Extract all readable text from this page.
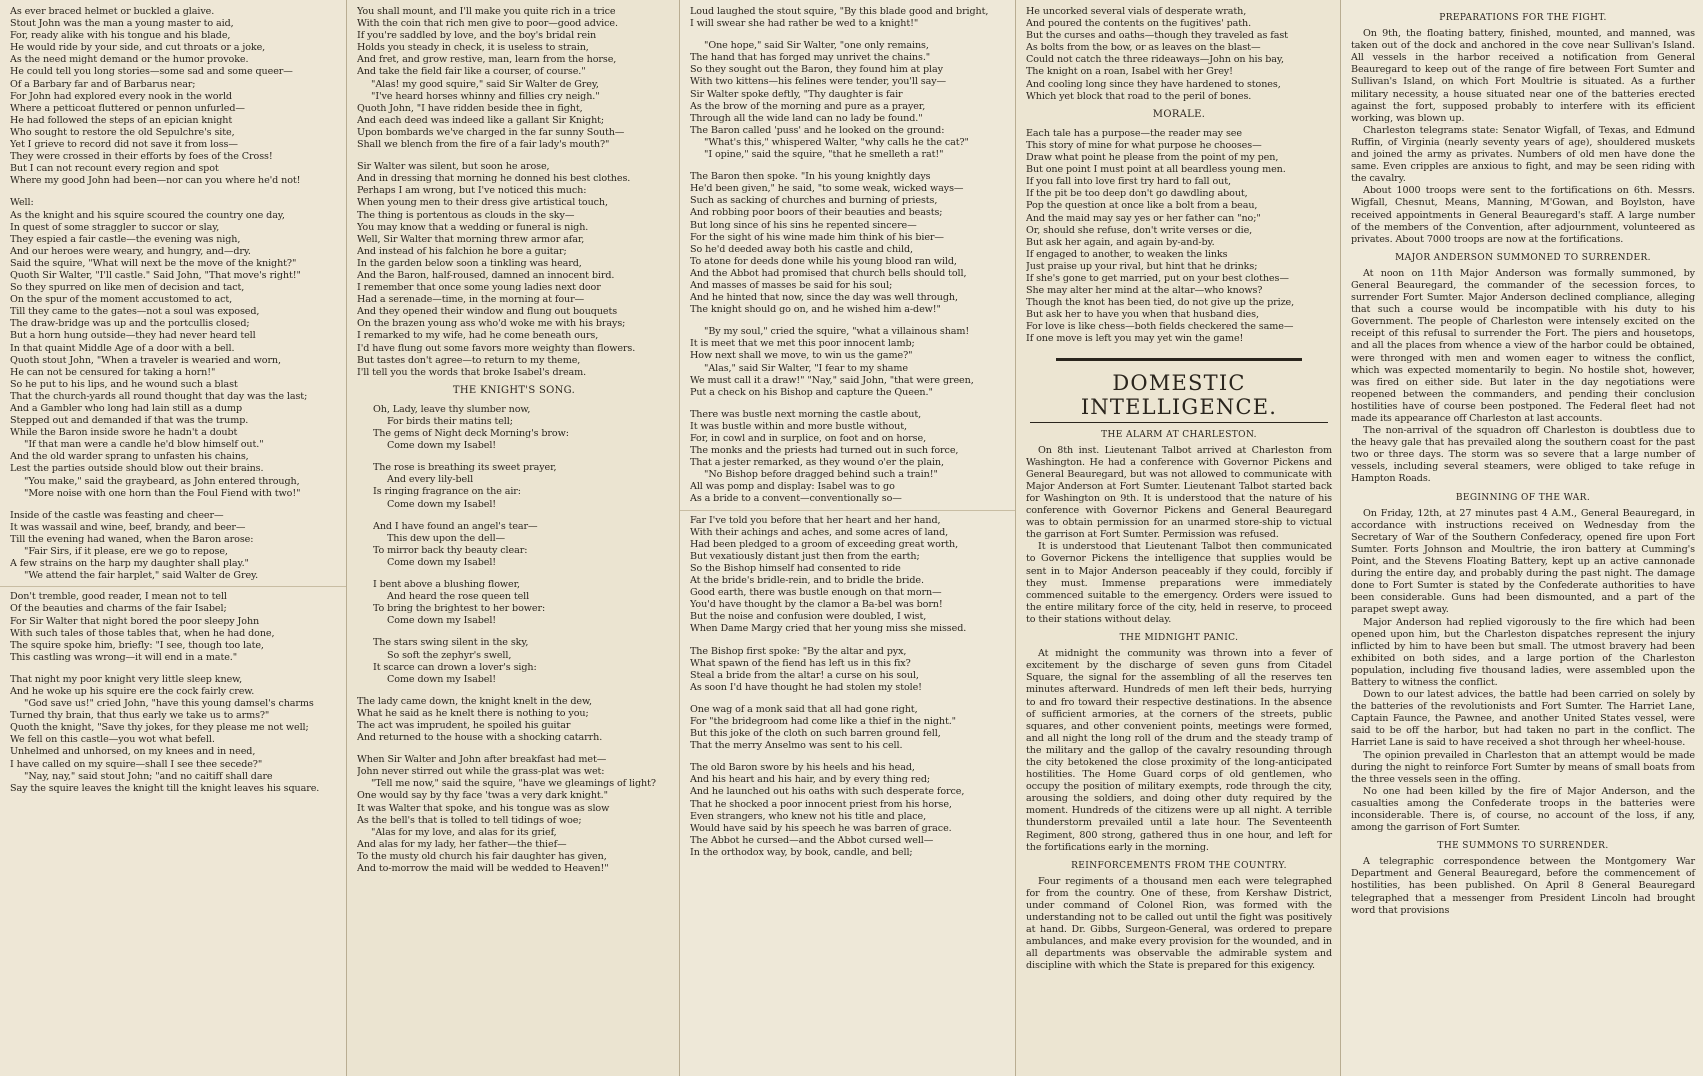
As ever braced helmet or buckled a glaive.
Stout John was the man a young master to aid,
For, ready alike with his tongue and his blade,
He would ride by your side, and cut throats or a joke,
As the need might demand or the humor provoke.
He could tell you long stories—some sad and some queer—
Of a Barbary far and of Barbarus near;
For John had explored every nook in the world
Where a petticoat fluttered or pennon unfurled—
He had followed the steps of an epician knight
Who sought to restore the old Sepulchre's site,
Yet I grieve to record did not save it from loss—
They were crossed in their efforts by foes of the Cross!
But I can not recount every region and spot
Where my good John had been—nor can you where he'd not!
Well:
As the knight and his squire scoured the country one day,
In quest of some straggler to succor or slay,
They espied a fair castle—the evening was nigh,
And our heroes were weary, and hungry, and—dry.
Said the squire, "What will next be the move of the knight?"
Quoth Sir Walter, "I'll castle." Said John, "That move's right!"
So they spurred on like men of decision and tact,
On the spur of the moment accustomed to act,
Till they came to the gates—not a soul was exposed,
The draw-bridge was up and the portcullis closed;
But a horn hung outside—they had never heard tell
In that quaint Middle Age of a door with a bell.
Quoth stout John, "When a traveler is wearied and worn,
He can not be censured for taking a horn!"
So he put to his lips, and he wound such a blast
That the church-yards all round thought that day was the last;
And a Gambler who long had lain still as a dump
Stepped out and demanded if that was the trump.
While the Baron inside swore he hadn't a doubt
"If that man were a candle he'd blow himself out."
And the old warder sprang to unfasten his chains,
Lest the parties outside should blow out their brains.
"You make," said the graybeard, as John entered through,
"More noise with one horn than the Foul Fiend with two!"
Inside of the castle was feasting and cheer—
It was wassail and wine, beef, brandy, and beer—
Till the evening had waned, when the Baron arose:
"Fair Sirs, if it please, ere we go to repose,
A few strains on the harp my daughter shall play."
"We attend the fair harplet," said Walter de Grey.
Don't tremble, good reader, I mean not to tell
Of the beauties and charms of the fair Isabel;
For Sir Walter that night bored the poor sleepy John
With such tales of those tables that, when he had done,
The squire spoke him, briefly: "I see, though too late,
This castling was wrong—it will end in a mate."
That night my poor knight very little sleep knew,
And he woke up his squire ere the cock fairly crew.
"God save us!" cried John, "have this young damsel's charms
Turned thy brain, that thus early we take us to arms?"
Quoth the knight, "Save thy jokes, for they please me not well;
We fell on this castle—you wot what befell.
Unhelmed and unhorsed, on my knees and in need,
I have called on my squire—shall I see thee secede?"
"Nay, nay," said stout John; "and no caitiff shall dare
Say the squire leaves the knight till the knight leaves his square.
You shall mount, and I'll make you quite rich in a trice
With the coin that rich men give to poor—good advice.
If you're saddled by love, and the boy's bridal rein
Holds you steady in check, it is useless to strain,
And fret, and grow restive, man, learn from the horse,
And take the field fair like a courser, of course."
"Alas! my good squire," said Sir Walter de Grey,
"I've heard horses whinny and fillies cry neigh."
Quoth John, "I have ridden beside thee in fight,
And each deed was indeed like a gallant Sir Knight;
Upon bombards we've charged in the far sunny South—
Shall we blench from the fire of a fair lady's mouth?"
Sir Walter was silent, but soon he arose,
And in dressing that morning he donned his best clothes.
Perhaps I am wrong, but I've noticed this much:
When young men to their dress give artistical touch,
The thing is portentous as clouds in the sky—
You may know that a wedding or funeral is nigh.
Well, Sir Walter that morning threw armor afar,
And instead of his falchion he bore a guitar;
In the garden below soon a tinkling was heard,
And the Baron, half-roused, damned an innocent bird.
I remember that once some young ladies next door
Had a serenade—time, in the morning at four—
And they opened their window and flung out bouquets
On the brazen young ass who'd woke me with his brays;
I remarked to my wife, had he come beneath ours,
I'd have flung out some favors more weighty than flowers.
But tastes don't agree—to return to my theme,
I'll tell you the words that broke Isabel's dream.
THE KNIGHT'S SONG.
Oh, Lady, leave thy slumber now,
For birds their matins tell;
The gems of Night deck Morning's brow:
Come down my Isabel!
The rose is breathing its sweet prayer,
And every lily-bell
Is ringing fragrance on the air:
Come down my Isabel!
And I have found an angel's tear—
This dew upon the dell—
To mirror back thy beauty clear:
Come down my Isabel!
I bent above a blushing flower,
And heard the rose queen tell
To bring the brightest to her bower:
Come down my Isabel!
The stars swing silent in the sky,
So soft the zephyr's swell,
It scarce can drown a lover's sigh:
Come down my Isabel!
The lady came down, the knight knelt in the dew,
What he said as he knelt there is nothing to you;
The act was imprudent, he spoiled his guitar
And returned to the house with a shocking catarrh.
When Sir Walter and John after breakfast had met—
John never stirred out while the grass-plat was wet:
"Tell me now," said the squire, "have we gleamings of light?
One would say by thy face 'twas a very dark knight."
It was Walter that spoke, and his tongue was as slow
As the bell's that is tolled to tell tidings of woe;
"Alas for my love, and alas for its grief,
And alas for my lady, her father—the thief—
To the musty old church his fair daughter has given,
And to-morrow the maid will be wedded to Heaven!"
Loud laughed the stout squire, "By this blade good and bright,
I will swear she had rather be wed to a knight!"
"One hope," said Sir Walter, "one only remains,
The hand that has forged may unrivet the chains."
So they sought out the Baron, they found him at play
With two kittens—his felines were tender, you'll say—
Sir Walter spoke deftly, "Thy daughter is fair
As the brow of the morning and pure as a prayer,
Through all the wide land can no lady be found."
The Baron called 'puss' and he looked on the ground:
"What's this," whispered Walter, "why calls he the cat?"
"I opine," said the squire, "that he smelleth a rat!"
The Baron then spoke. "In his young knightly days
He'd been given," he said, "to some weak, wicked ways—
Such as sacking of churches and burning of priests,
And robbing poor boors of their beauties and beasts;
But long since of his sins he repented sincere—
For the sight of his wine made him think of his bier—
So he'd deeded away both his castle and child,
To atone for deeds done while his young blood ran wild,
And the Abbot had promised that church bells should toll,
And masses of masses be said for his soul;
And he hinted that now, since the day was well through,
The knight should go on, and he wished him a-dew!"
"By my soul," cried the squire, "what a villainous sham!
It is meet that we met this poor innocent lamb;
How next shall we move, to win us the game?"
"Alas," said Sir Walter, "I fear to my shame
We must call it a draw!" "Nay," said John, "that were green,
Put a check on his Bishop and capture the Queen."
There was bustle next morning the castle about,
It was bustle within and more bustle without,
For, in cowl and in surplice, on foot and on horse,
The monks and the priests had turned out in such force,
That a jester remarked, as they wound o'er the plain,
"No Bishop before dragged behind such a train!"
All was pomp and display: Isabel was to go
As a bride to a convent—conventionally so—
Far I've told you before that her heart and her hand,
With their achings and aches, and some acres of land,
Had been pledged to a groom of exceeding great worth,
But vexatiously distant just then from the earth;
So the Bishop himself had consented to ride
At the bride's bridle-rein, and to bridle the bride.
Good earth, there was bustle enough on that morn—
You'd have thought by the clamor a Ba-bel was born!
But the noise and confusion were doubled, I wist,
When Dame Margy cried that her young miss she missed.
The Bishop first spoke: "By the altar and pyx,
What spawn of the fiend has left us in this fix?
Steal a bride from the altar! a curse on his soul,
As soon I'd have thought he had stolen my stole!
One wag of a monk said that all had gone right,
For "the bridegroom had come like a thief in the night."
But this joke of the cloth on such barren ground fell,
That the merry Anselmo was sent to his cell.
The old Baron swore by his heels and his head,
And his heart and his hair, and by every thing red;
And he launched out his oaths with such desperate force,
That he shocked a poor innocent priest from his horse,
Even strangers, who knew not his title and place,
Would have said by his speech he was barren of grace.
The Abbot he cursed—and the Abbot cursed well—
In the orthodox way, by book, candle, and bell;
He uncorked several vials of desperate wrath,
And poured the contents on the fugitives' path.
But the curses and oaths—though they traveled as fast
As bolts from the bow, or as leaves on the blast—
Could not catch the three rideaways—John on his bay,
The knight on a roan, Isabel with her Grey!
And cooling long since they have hardened to stones,
Which yet block that road to the peril of bones.
MORALE.
Each tale has a purpose—the reader may see
This story of mine for what purpose he chooses—
Draw what point he please from the point of my pen,
But one point I must point at all beardless young men.
If you fall into love first try hard to fall out,
If the pit be too deep don't go dawdling about,
Pop the question at once like a bolt from a beau,
And the maid may say yes or her father can "no;"
Or, should she refuse, don't write verses or die,
But ask her again, and again by-and-by.
If engaged to another, to weaken the links
Just praise up your rival, but hint that he drinks;
If she's gone to get married, put on your best clothes—
She may alter her mind at the altar—who knows?
Though the knot has been tied, do not give up the prize,
But ask her to have you when that husband dies,
For love is like chess—both fields checkered the same—
If one move is left you may yet win the game!
DOMESTIC INTELLIGENCE.
THE ALARM AT CHARLESTON.
On 8th inst. Lieutenant Talbot arrived at Charleston from Washington. He had a conference with Governor Pickens and General Beauregard, but was not allowed to communicate with Major Anderson at Fort Sumter. Lieutenant Talbot started back for Washington on 9th. It is understood that the nature of his conference with Governor Pickens and General Beauregard was to obtain permission for an unarmed store-ship to victual the garrison at Fort Sumter. Permission was refused.
It is understood that Lieutenant Talbot then communicated to Governor Pickens the intelligence that supplies would be sent in to Major Anderson peaceably if they could, forcibly if they must. Immense preparations were immediately commenced suitable to the emergency. Orders were issued to the entire military force of the city, held in reserve, to proceed to their stations without delay.
THE MIDNIGHT PANIC.
At midnight the community was thrown into a fever of excitement by the discharge of seven guns from Citadel Square, the signal for the assembling of all the reserves ten minutes afterward. Hundreds of men left their beds, hurrying to and fro toward their respective destinations. In the absence of sufficient armories, at the corners of the streets, public squares, and other convenient points, meetings were formed, and all night the long roll of the drum and the steady tramp of the military and the gallop of the cavalry resounding through the city betokened the close proximity of the long-anticipated hostilities. The Home Guard corps of old gentlemen, who occupy the position of military exempts, rode through the city, arousing the soldiers, and doing other duty required by the moment. Hundreds of the citizens were up all night. A terrible thunderstorm prevailed until a late hour. The Seventeenth Regiment, 800 strong, gathered thus in one hour, and left for the fortifications early in the morning.
REINFORCEMENTS FROM THE COUNTRY.
Four regiments of a thousand men each were telegraphed for from the country. One of these, from Kershaw District, under command of Colonel Rion, was formed with the understanding not to be called out until the fight was positively at hand. Dr. Gibbs, Surgeon-General, was ordered to prepare ambulances, and make every provision for the wounded, and in all departments was observable the admirable system and discipline with which the State is prepared for this exigency.
PREPARATIONS FOR THE FIGHT.
On 9th, the floating battery, finished, mounted, and manned, was taken out of the dock and anchored in the cove near Sullivan's Island. All vessels in the harbor received a notification from General Beauregard to keep out of the range of fire between Fort Sumter and Sullivan's Island, on which Fort Moultrie is situated. As a further military necessity, a house situated near one of the batteries erected against the fort, supposed probably to interfere with its efficient working, was blown up.
Charleston telegrams state: Senator Wigfall, of Texas, and Edmund Ruffin, of Virginia (nearly seventy years of age), shouldered muskets and joined the army as privates. Numbers of old men have done the same. Even cripples are anxious to fight, and may be seen riding with the cavalry.
About 1000 troops were sent to the fortifications on 6th. Messrs. Wigfall, Chesnut, Means, Manning, M'Gowan, and Boylston, have received appointments in General Beauregard's staff. A large number of the members of the Convention, after adjournment, volunteered as privates. About 7000 troops are now at the fortifications.
MAJOR ANDERSON SUMMONED TO SURRENDER.
At noon on 11th Major Anderson was formally summoned, by General Beauregard, the commander of the secession forces, to surrender Fort Sumter. Major Anderson declined compliance, alleging that such a course would be incompatible with his duty to his Government. The people of Charleston were intensely excited on the receipt of this refusal to surrender the Fort. The piers and housetops, and all the places from whence a view of the harbor could be obtained, were thronged with men and women eager to witness the conflict, which was expected momentarily to begin. No hostile shot, however, was fired on either side. But later in the day negotiations were reopened between the commanders, and pending their conclusion hostilities have of course been postponed. The Federal fleet had not made its appearance off Charleston at last accounts.
The non-arrival of the squadron off Charleston is doubtless due to the heavy gale that has prevailed along the southern coast for the past two or three days. The storm was so severe that a large number of vessels, including several steamers, were obliged to take refuge in Hampton Roads.
BEGINNING OF THE WAR.
On Friday, 12th, at 27 minutes past 4 A.M., General Beauregard, in accordance with instructions received on Wednesday from the Secretary of War of the Southern Confederacy, opened fire upon Fort Sumter. Forts Johnson and Moultrie, the iron battery at Cumming's Point, and the Stevens Floating Battery, kept up an active cannonade during the entire day, and probably during the past night. The damage done to Fort Sumter is stated by the Confederate authorities to have been considerable. Guns had been dismounted, and a part of the parapet swept away.
Major Anderson had replied vigorously to the fire which had been opened upon him, but the Charleston dispatches represent the injury inflicted by him to have been but small. The utmost bravery had been exhibited on both sides, and a large portion of the Charleston population, including five thousand ladies, were assembled upon the Battery to witness the conflict.
Down to our latest advices, the battle had been carried on solely by the batteries of the revolutionists and Fort Sumter. The Harriet Lane, Captain Faunce, the Pawnee, and another United States vessel, were said to be off the harbor, but had taken no part in the conflict. The Harriet Lane is said to have received a shot through her wheel-house.
The opinion prevailed in Charleston that an attempt would be made during the night to reinforce Fort Sumter by means of small boats from the three vessels seen in the offing.
No one had been killed by the fire of Major Anderson, and the casualties among the Confederate troops in the batteries were inconsiderable. There is, of course, no account of the loss, if any, among the garrison of Fort Sumter.
THE SUMMONS TO SURRENDER.
A telegraphic correspondence between the Montgomery War Department and General Beauregard, before the commencement of hostilities, has been published. On April 8 General Beauregard telegraphed that a messenger from President Lincoln had brought word that provisions
